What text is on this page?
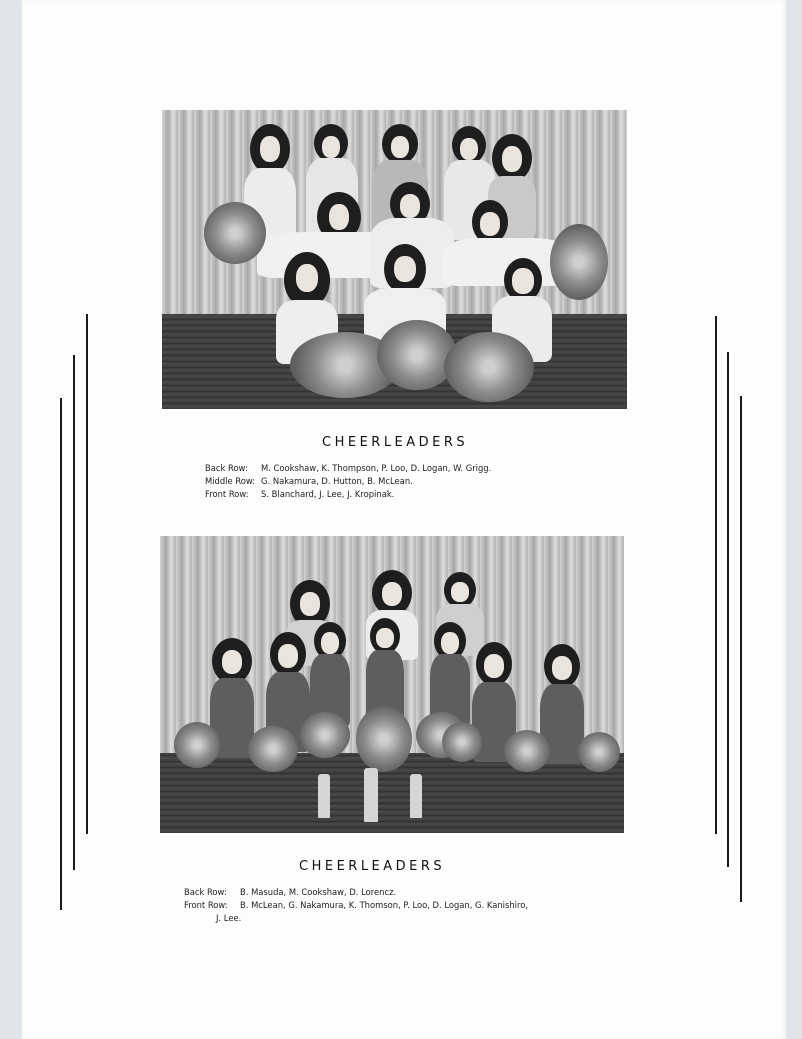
CHEERLEADERS
Back Row: M. Cookshaw, K. Thompson, P. Loo, D. Logan, W. Grigg.
Middle Row: G. Nakamura, D. Hutton, B. McLean.
Front Row: S. Blanchard, J. Lee, J. Kropinak.
CHEERLEADERS
Back Row: B. Masuda, M. Cookshaw, D. Lorencz.
Front Row: B. McLean, G. Nakamura, K. Thomson, P. Loo, D. Logan, G. Kanishiro,
J. Lee.
